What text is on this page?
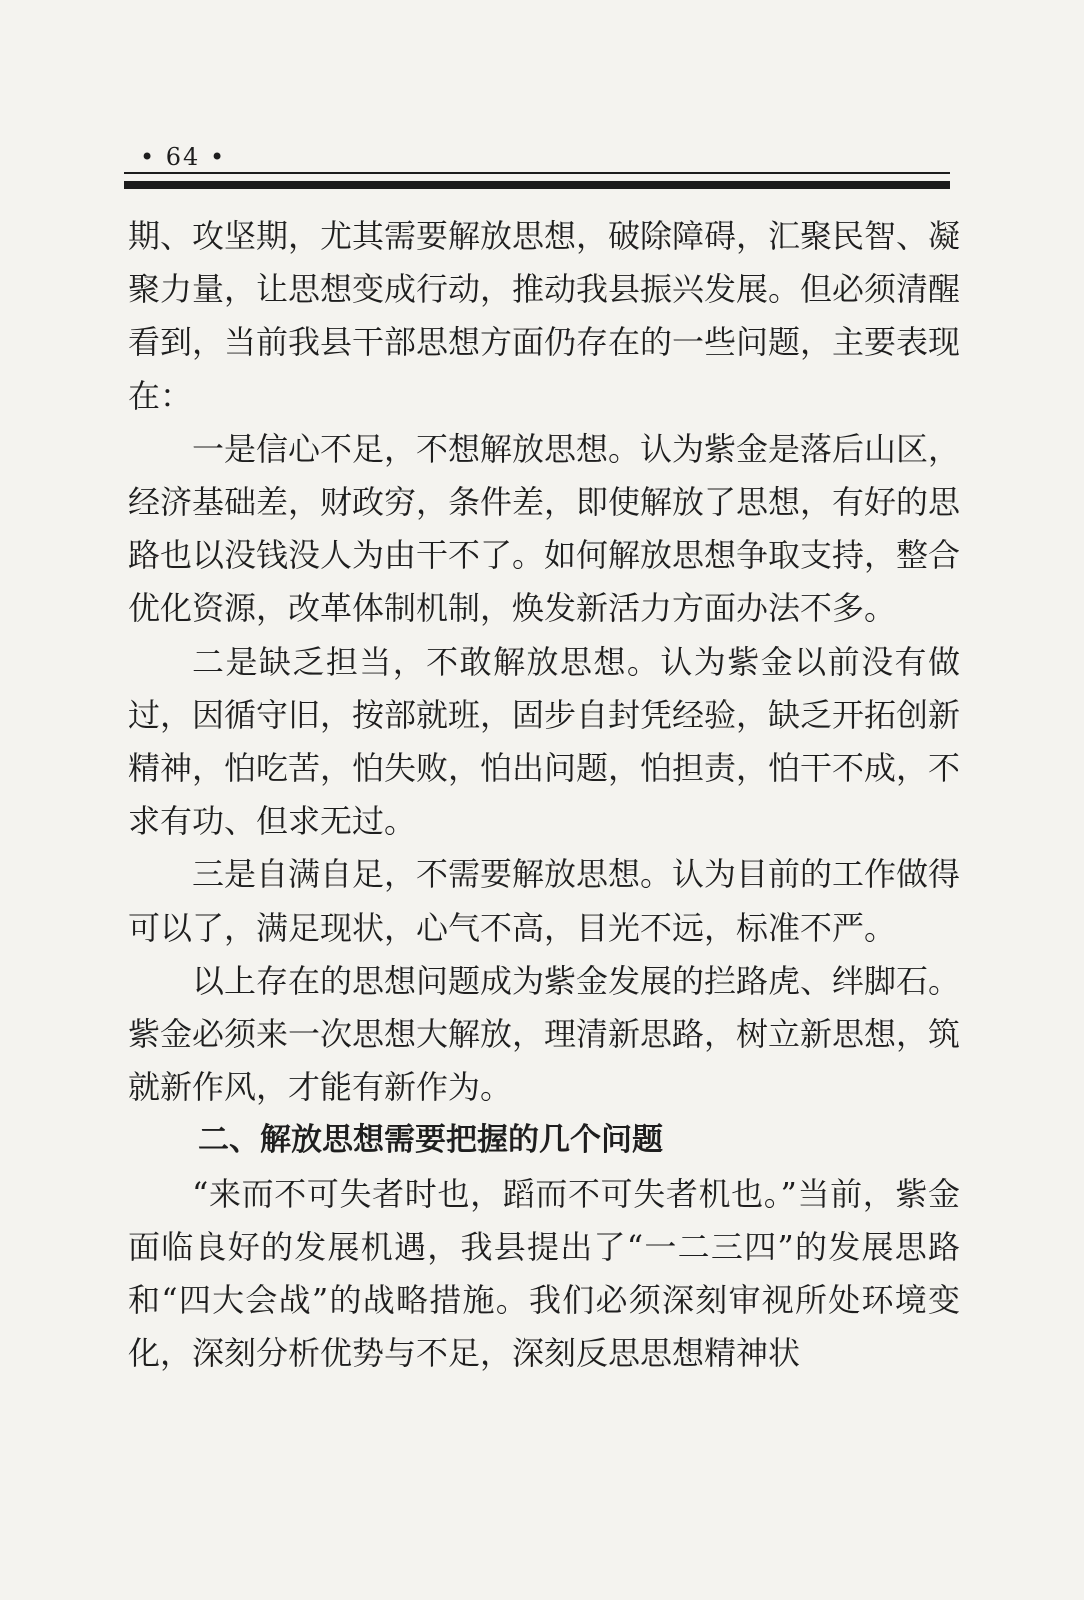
• 64 •

期、攻坚期，尤其需要解放思想，破除障碍，汇聚民智、凝聚力量，让思想变成行动，推动我县振兴发展。但必须清醒看到，当前我县干部思想方面仍存在的一些问题，主要表现在：

一是信心不足，不想解放思想。认为紫金是落后山区，经济基础差，财政穷，条件差，即使解放了思想，有好的思路也以没钱没人为由干不了。如何解放思想争取支持，整合优化资源，改革体制机制，焕发新活力方面办法不多。

二是缺乏担当，不敢解放思想。认为紫金以前没有做过，因循守旧，按部就班，固步自封凭经验，缺乏开拓创新精神，怕吃苦，怕失败，怕出问题，怕担责，怕干不成，不求有功、但求无过。

三是自满自足，不需要解放思想。认为目前的工作做得可以了，满足现状，心气不高，目光不远，标准不严。

以上存在的思想问题成为紫金发展的拦路虎、绊脚石。紫金必须来一次思想大解放，理清新思路，树立新思想，筑就新作风，才能有新作为。

二、解放思想需要把握的几个问题

“来而不可失者时也，蹈而不可失者机也。”当前，紫金面临良好的发展机遇，我县提出了“一二三四”的发展思路和“四大会战”的战略措施。我们必须深刻审视所处环境变化，深刻分析优势与不足，深刻反思思想精神状
